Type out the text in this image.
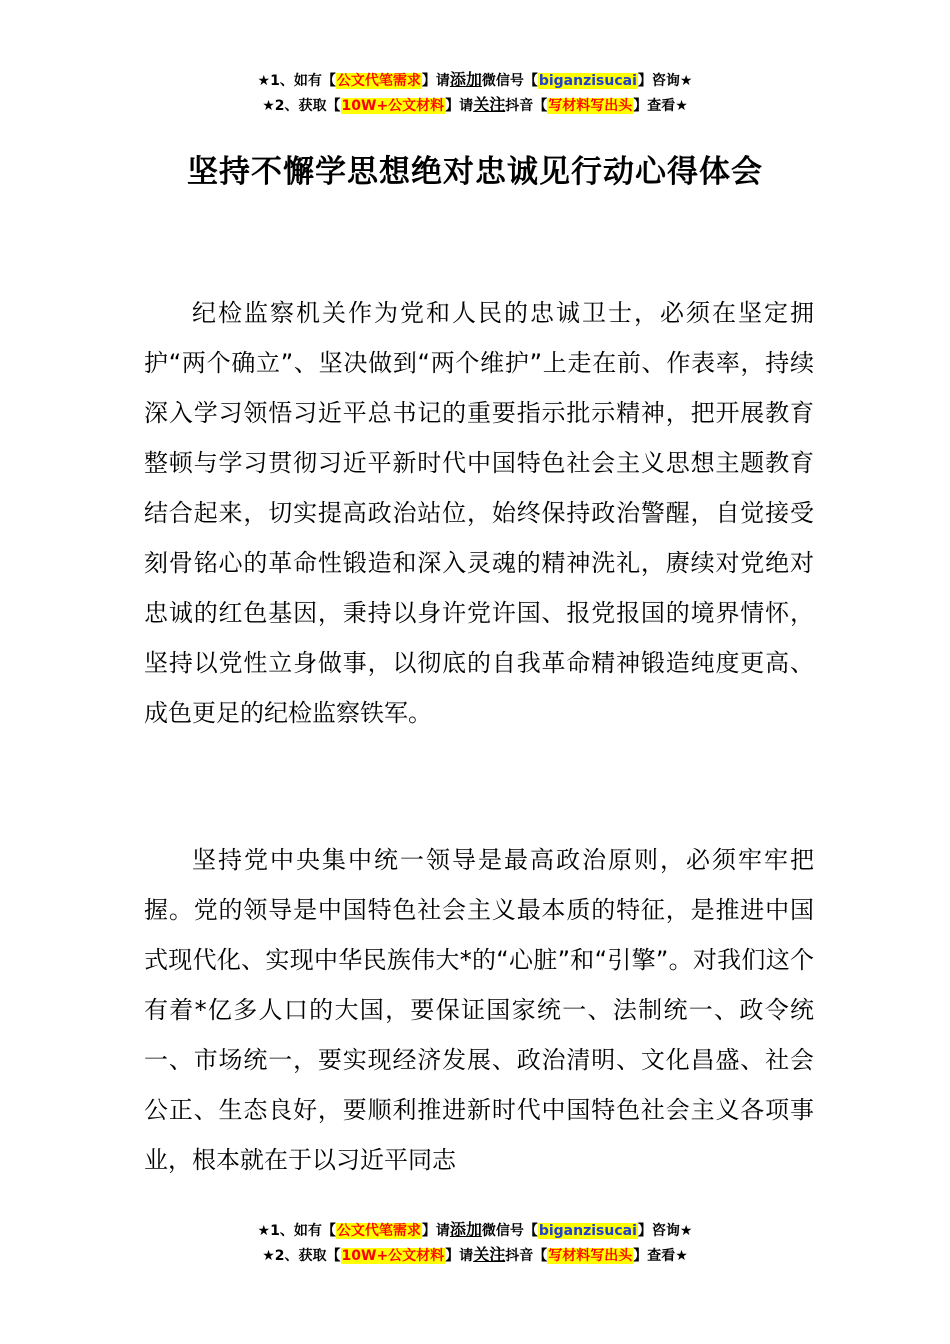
★1、如有【公文代笔需求】请添加微信号【biganzisucai】咨询★
★2、获取【10W+公文材料】请关注抖音【写材料写出头】查看★
坚持不懈学思想绝对忠诚见行动心得体会

纪检监察机关作为党和人民的忠诚卫士，必须在坚定拥护“两个确立”、坚决做到“两个维护”上走在前、作表率，持续深入学习领悟习近平总书记的重要指示批示精神，把开展教育整顿与学习贯彻习近平新时代中国特色社会主义思想主题教育结合起来，切实提高政治站位，始终保持政治警醒，自觉接受刻骨铭心的革命性锻造和深入灵魂的精神洗礼，赓续对党绝对忠诚的红色基因，秉持以身许党许国、报党报国的境界情怀，坚持以党性立身做事，以彻底的自我革命精神锻造纯度更高、成色更足的纪检监察铁军。

坚持党中央集中统一领导是最高政治原则，必须牢牢把握。党的领导是中国特色社会主义最本质的特征，是推进中国式现代化、实现中华民族伟大*的“心脏”和“引擎”。对我们这个有着*亿多人口的大国，要保证国家统一、法制统一、政令统一、市场统一，要实现经济发展、政治清明、文化昌盛、社会公正、生态良好，要顺利推进新时代中国特色社会主义各项事业，根本就在于以习近平同志

★1、如有【公文代笔需求】请添加微信号【biganzisucai】咨询★
★2、获取【10W+公文材料】请关注抖音【写材料写出头】查看★
